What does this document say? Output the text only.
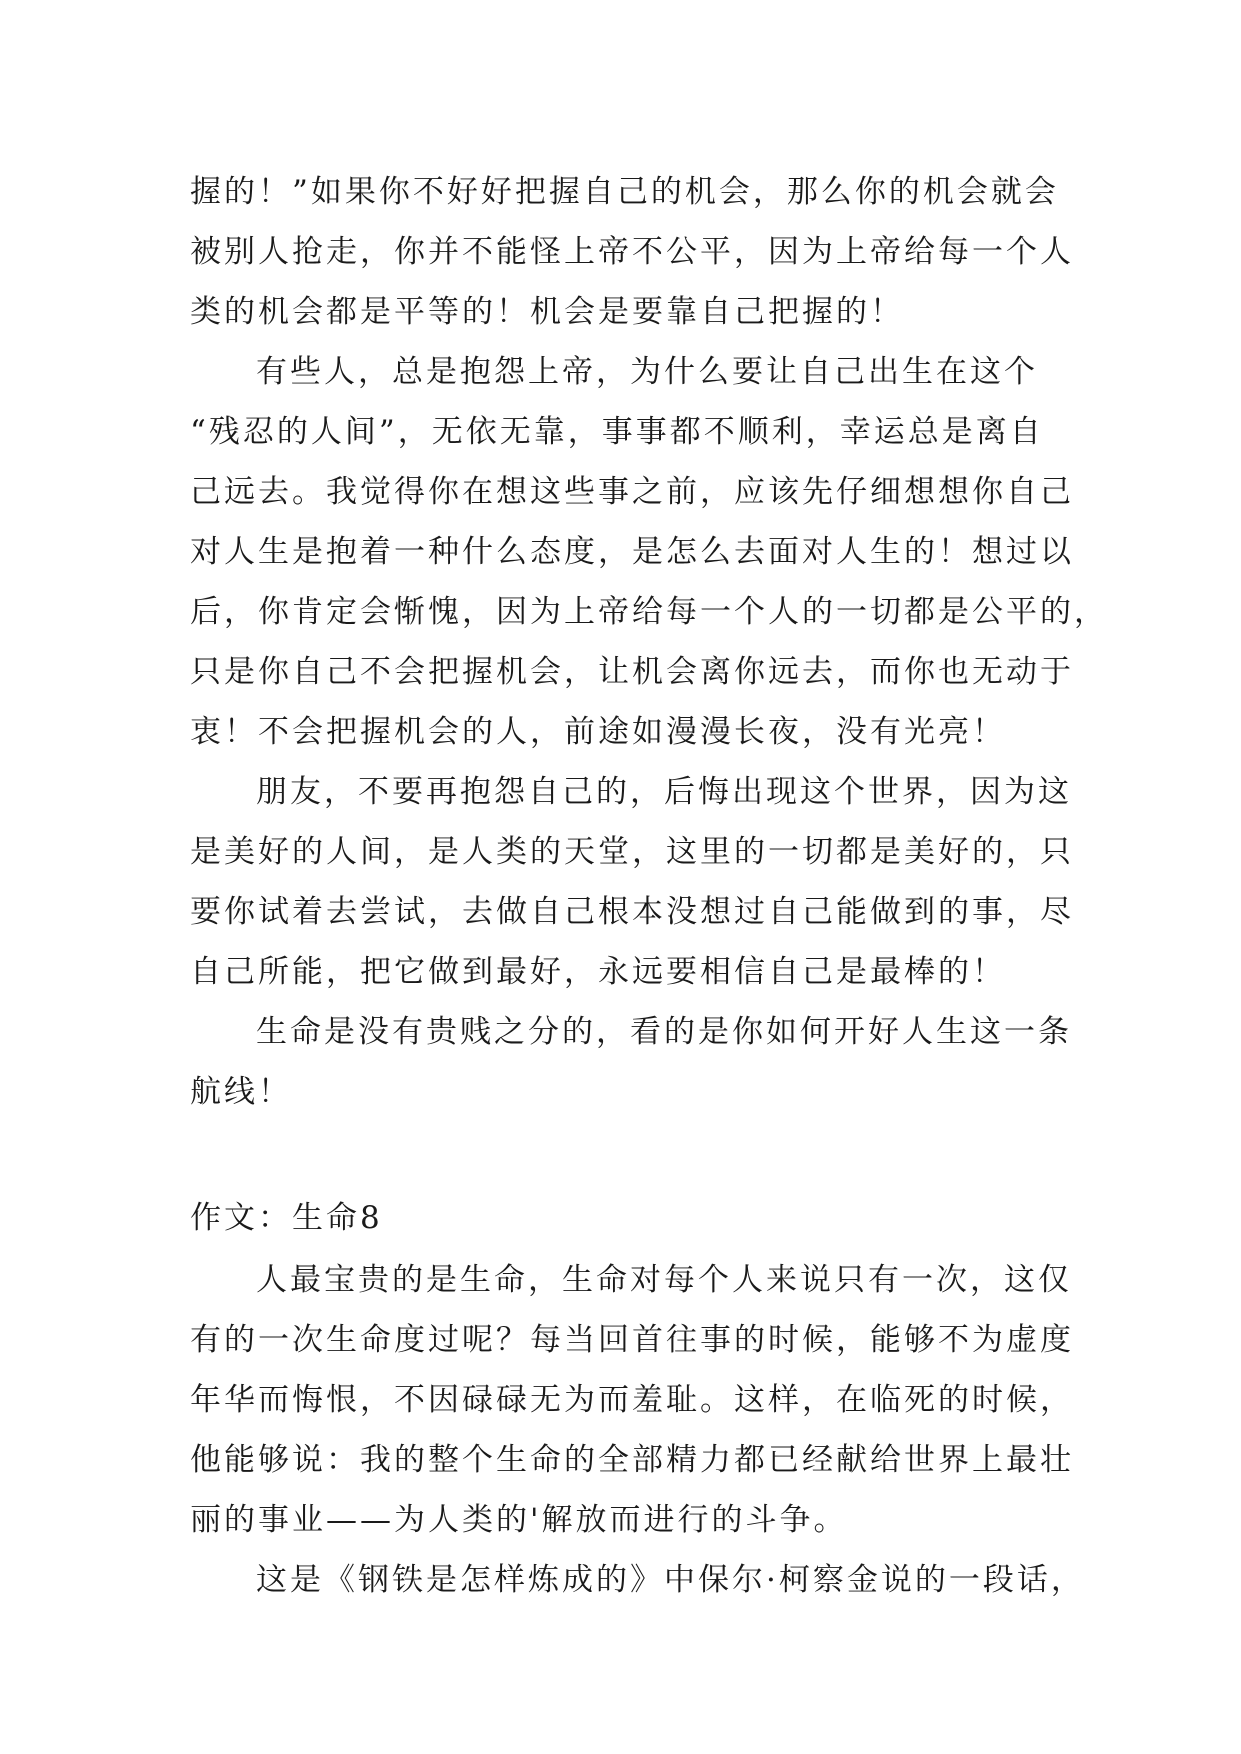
握的！”如果你不好好把握自己的机会，那么你的机会就会
被别人抢走，你并不能怪上帝不公平，因为上帝给每一个人
类的机会都是平等的！机会是要靠自己把握的！
有些人，总是抱怨上帝，为什么要让自己出生在这个
“残忍的人间”，无依无靠，事事都不顺利，幸运总是离自
己远去。我觉得你在想这些事之前，应该先仔细想想你自己
对人生是抱着一种什么态度，是怎么去面对人生的！想过以
后，你肯定会惭愧，因为上帝给每一个人的一切都是公平的，
只是你自己不会把握机会，让机会离你远去，而你也无动于
衷！不会把握机会的人，前途如漫漫长夜，没有光亮！
朋友，不要再抱怨自己的，后悔出现这个世界，因为这
是美好的人间，是人类的天堂，这里的一切都是美好的，只
要你试着去尝试，去做自己根本没想过自己能做到的事，尽
自己所能，把它做到最好，永远要相信自己是最棒的！
生命是没有贵贱之分的，看的是你如何开好人生这一条
航线！
作文：生命8
人最宝贵的是生命，生命对每个人来说只有一次，这仅
有的一次生命度过呢？每当回首往事的时候，能够不为虚度
年华而悔恨，不因碌碌无为而羞耻。这样，在临死的时候，
他能够说：我的整个生命的全部精力都已经献给世界上最壮
丽的事业——为人类的'解放而进行的斗争。
这是《钢铁是怎样炼成的》中保尔·柯察金说的一段话，
